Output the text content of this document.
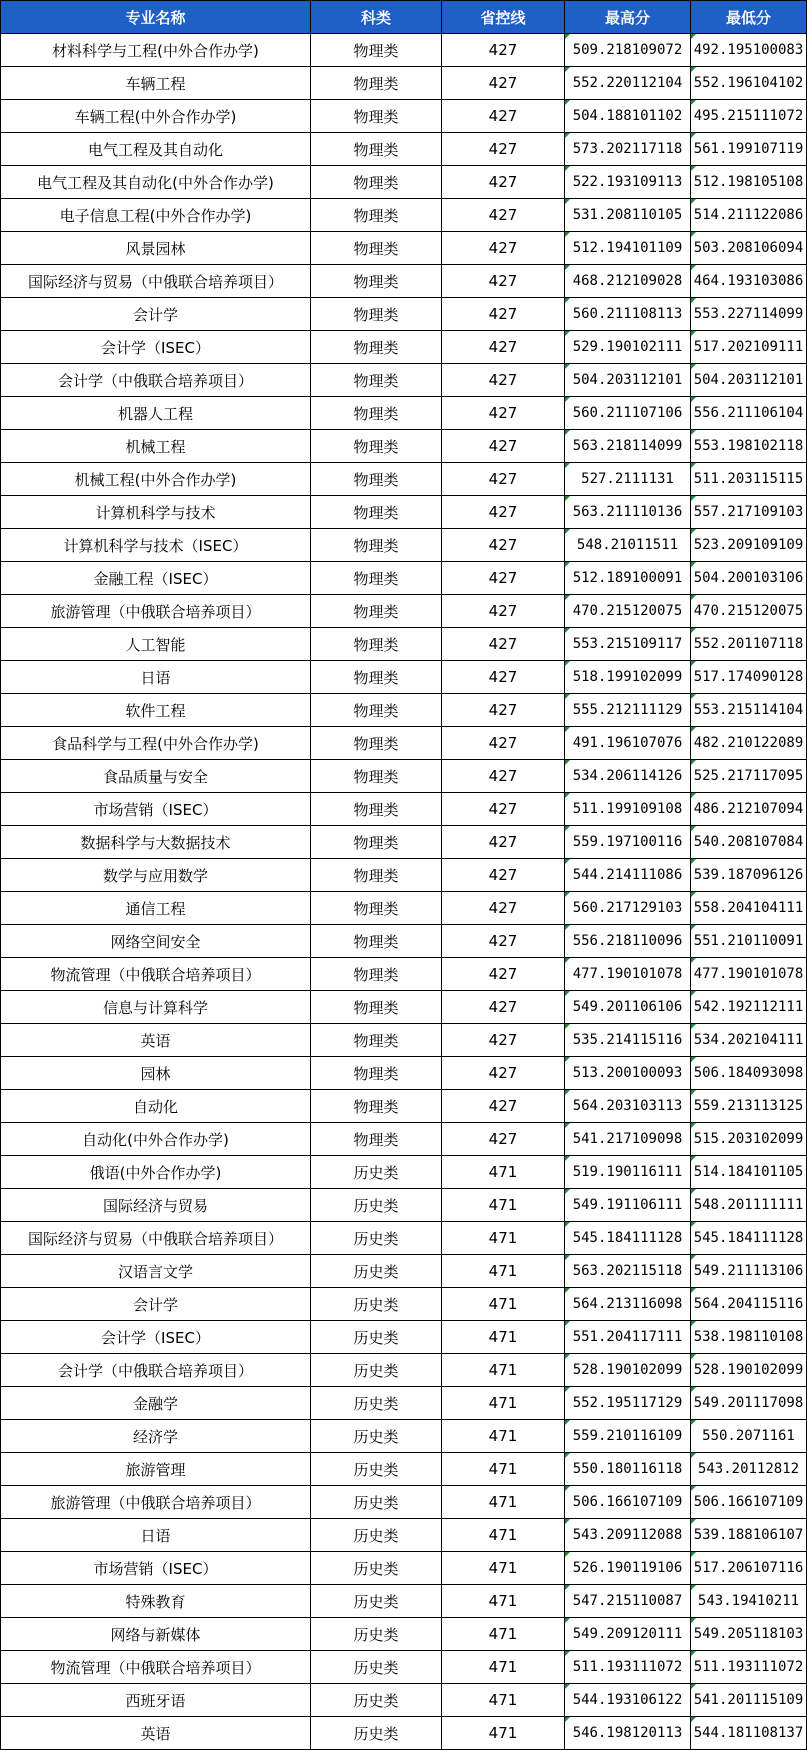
专业名称	科类	省控线	最高分	最低分
材料科学与工程(中外合作办学)	物理类	427	509.218109072	492.195100083
车辆工程	物理类	427	552.220112104	552.196104102
车辆工程(中外合作办学)	物理类	427	504.188101102	495.215111072
电气工程及其自动化	物理类	427	573.202117118	561.199107119
电气工程及其自动化(中外合作办学)	物理类	427	522.193109113	512.198105108
电子信息工程(中外合作办学)	物理类	427	531.208110105	514.211122086
风景园林	物理类	427	512.194101109	503.208106094
国际经济与贸易（中俄联合培养项目）	物理类	427	468.212109028	464.193103086
会计学	物理类	427	560.211108113	553.227114099
会计学（ISEC）	物理类	427	529.190102111	517.202109111
会计学（中俄联合培养项目）	物理类	427	504.203112101	504.203112101
机器人工程	物理类	427	560.211107106	556.211106104
机械工程	物理类	427	563.218114099	553.198102118
机械工程(中外合作办学)	物理类	427	527.2111131	511.203115115
计算机科学与技术	物理类	427	563.211110136	557.217109103
计算机科学与技术（ISEC）	物理类	427	548.21011511	523.209109109
金融工程（ISEC）	物理类	427	512.189100091	504.200103106
旅游管理（中俄联合培养项目）	物理类	427	470.215120075	470.215120075
人工智能	物理类	427	553.215109117	552.201107118
日语	物理类	427	518.199102099	517.174090128
软件工程	物理类	427	555.212111129	553.215114104
食品科学与工程(中外合作办学)	物理类	427	491.196107076	482.210122089
食品质量与安全	物理类	427	534.206114126	525.217117095
市场营销（ISEC）	物理类	427	511.199109108	486.212107094
数据科学与大数据技术	物理类	427	559.197100116	540.208107084
数学与应用数学	物理类	427	544.214111086	539.187096126
通信工程	物理类	427	560.217129103	558.204104111
网络空间安全	物理类	427	556.218110096	551.210110091
物流管理（中俄联合培养项目）	物理类	427	477.190101078	477.190101078
信息与计算科学	物理类	427	549.201106106	542.192112111
英语	物理类	427	535.214115116	534.202104111
园林	物理类	427	513.200100093	506.184093098
自动化	物理类	427	564.203103113	559.213113125
自动化(中外合作办学)	物理类	427	541.217109098	515.203102099
俄语(中外合作办学)	历史类	471	519.190116111	514.184101105
国际经济与贸易	历史类	471	549.191106111	548.201111111
国际经济与贸易（中俄联合培养项目）	历史类	471	545.184111128	545.184111128
汉语言文学	历史类	471	563.202115118	549.211113106
会计学	历史类	471	564.213116098	564.204115116
会计学（ISEC）	历史类	471	551.204117111	538.198110108
会计学（中俄联合培养项目）	历史类	471	528.190102099	528.190102099
金融学	历史类	471	552.195117129	549.201117098
经济学	历史类	471	559.210116109	550.2071161
旅游管理	历史类	471	550.180116118	543.20112812
旅游管理（中俄联合培养项目）	历史类	471	506.166107109	506.166107109
日语	历史类	471	543.209112088	539.188106107
市场营销（ISEC）	历史类	471	526.190119106	517.206107116
特殊教育	历史类	471	547.215110087	543.19410211
网络与新媒体	历史类	471	549.209120111	549.205118103
物流管理（中俄联合培养项目）	历史类	471	511.193111072	511.193111072
西班牙语	历史类	471	544.193106122	541.201115109
英语	历史类	471	546.198120113	544.181108137
